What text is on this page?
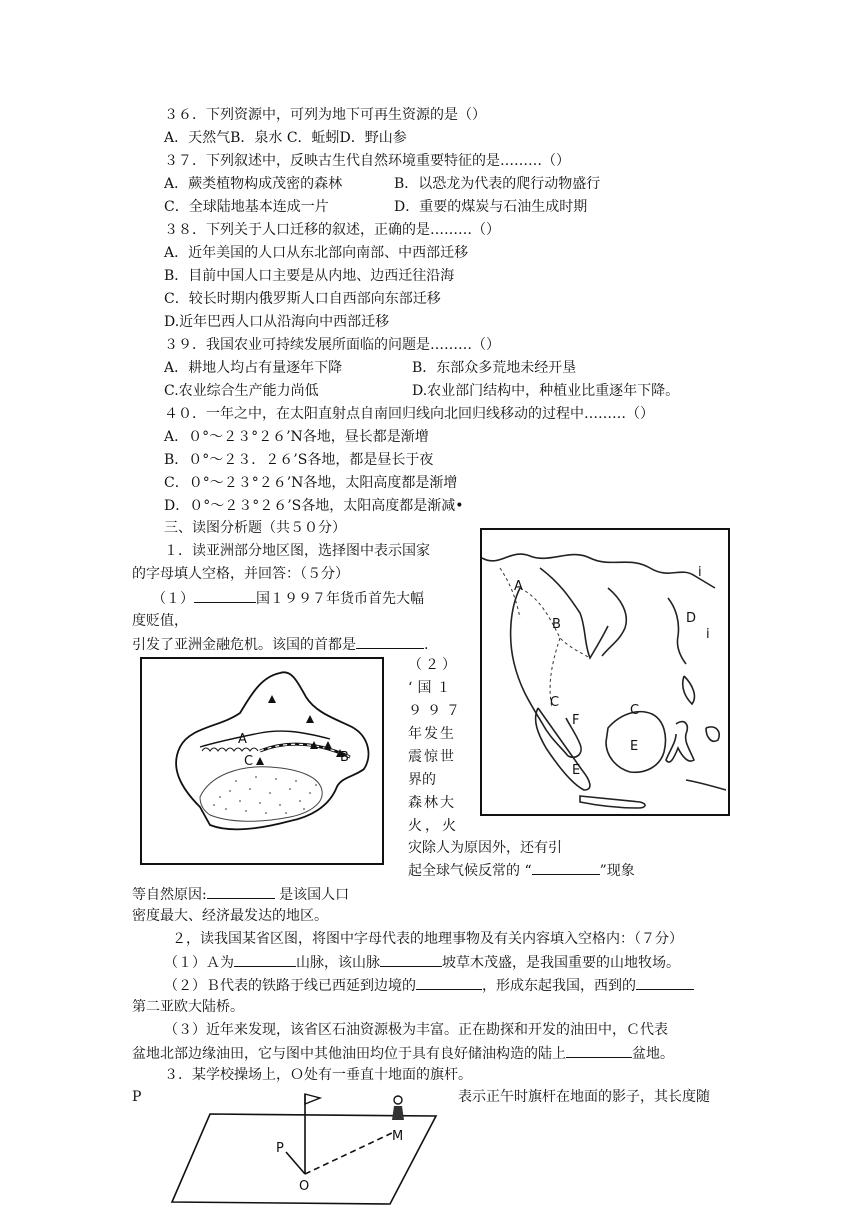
３６．下列资源中，可列为地下可再生资源的是（）
A．天然气B．泉水 C．蚯蚓D．野山参
３７．下列叙述中，反映古生代自然环境重要特征的是………（）
A．蕨类植物构成茂密的森林	B．以恐龙为代表的爬行动物盛行
C．全球陆地基本连成一片	D．重要的煤炭与石油生成时期
３８．下列关于人口迁移的叙述，正确的是………（）
A．近年美国的人口从东北部向南部、中西部迁移
B．目前中国人口主要是从内地、边西迁往沿海
C．较长时期内俄罗斯人口自西部向东部迁移
D.近年巴西人口从沿海向中西部迁移
３９．我国农业可持续发展所面临的问题是………（）
A．耕地人均占有量逐年下降	B．东部众多荒地未经开垦
C.农业综合生产能力尚低	D.农业部门结构中，种植业比重逐年下降。
４０．一年之中，在太阳直射点自南回归线向北回归线移动的过程中………（）
A．０°～２３°２６’N各地，昼长都是渐增
B．０°～２３．２６’S各地，都是昼长于夜
C．０°～２３°２６’N各地，太阳高度都是渐增
D．０°～２３°２６’S各地，太阳高度都是渐减•
三、读图分析题（共５０分）
１．读亚洲部分地区图，选择图中表示国家
的字母填人空格，并回答：（５分）
（１）	国１９９７年货币首先大幅
度贬值，
引发了亚洲金融危机。该国的首都是	.
（２）
‘国１
９９７
年发生
震惊世
界的
森林大
火，火
灾除人为原因外，还有引
起全球气候反常的 “	”现象
等自然原因:	是该国人口
密度最大、经济最发达的地区。
２，读我国某省区图，将图中字母代表的地理事物及有关内容填入空格内：（７分）
（１）Ａ为	山脉，该山脉	坡草木茂盛，是我国重要的山地牧场。
（２）Ｂ代表的铁路于线已西延到边境的	，形成东起我国，西到的
第二亚欧大陆桥。
（３）近年来发现，该省区石油资源极为丰富。正在勘探和开发的油田中，Ｃ代表
盆地北部边缘油田，它与图中其他油田均位于具有良好储油构造的陆上	盆地。
３．某学校操场上，Ｏ处有一垂直十地面的旗杆。
P	表示正午时旗杆在地面的影子，其长度随
A
B
C
C
D
E
E
F
i
i
A
B
C
P
O
M
